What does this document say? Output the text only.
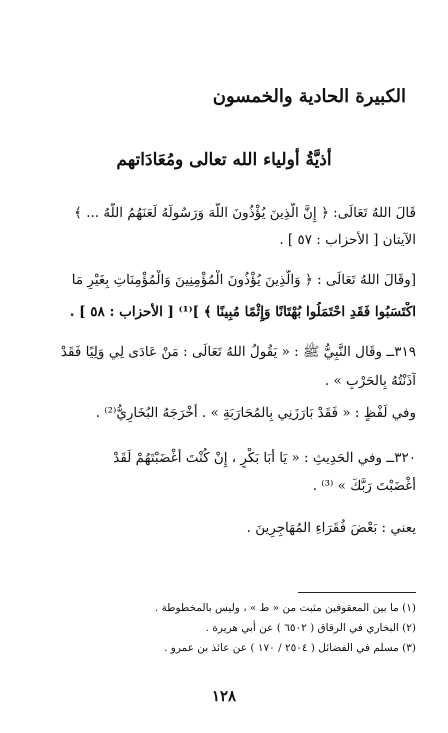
الكبيرة الحادية والخمسون
أذيَّةُ أولياء الله تعالى ومُعَادَاتهم
قَالَ اللهُ تَعَالَى: ﴿ إِنَّ الَّذِينَ يُؤْذُونَ اللَّهَ وَرَسُولَهُ لَعَنَهُمُ اللَّهُ ... ﴾
الآيتان [ الأحزاب : ٥٧ ] .
[وقَالَ اللهُ تَعَالَى : ﴿ وَالَّذِينَ يُؤْذُونَ الْمُؤْمِنِينَ وَالْمُؤْمِنَاتِ بِغَيْرِ مَا
اكْتَسَبُوا فَقَدِ احْتَمَلُوا بُهْتَانًا وَإِثْمًا مُبِينًا ﴾ ]⁽¹⁾ [ الأحزاب : ٥٨ ] .
٣١٩ــ وقَال النَّبِيُّ ﷺ : « يَقُولُ اللهُ تَعَالَى : مَنْ عَادَى لِي وَلِيًا فَقَدْ
آذَنْتُهُ بِالحَرْبِ » .
وفي لَفْظٍ : « فَقَدْ بَارَزَنِي بِالمُحَارَبَةِ » . أخْرَجَهُ البُخَارِيُّ⁽²⁾ .
٣٢٠ــ وفي الحَدِيثِ : « يَا أَبَا بَكْرٍ ، إِنْ كُنْتَ أَغْضَبْتَهُمْ لَقَدْ
أَغْضَبْتَ رَبَّكَ » ⁽³⁾ .
يعني : بَعْضَ فُقَرَاءِ المُهَاجِرِينَ .
(١) ما بين المعقوفين مثبت من « ط » ، وليس بالمخطوطة .
(٢) البخاري في الرقاق ( ٦٥٠٢ ) عن أبي هريرة .
(٣) مسلم في الفضائل ( ٢٥٠٤ / ١٧٠ ) عن عائذ بن عمرو .
١٢٨
